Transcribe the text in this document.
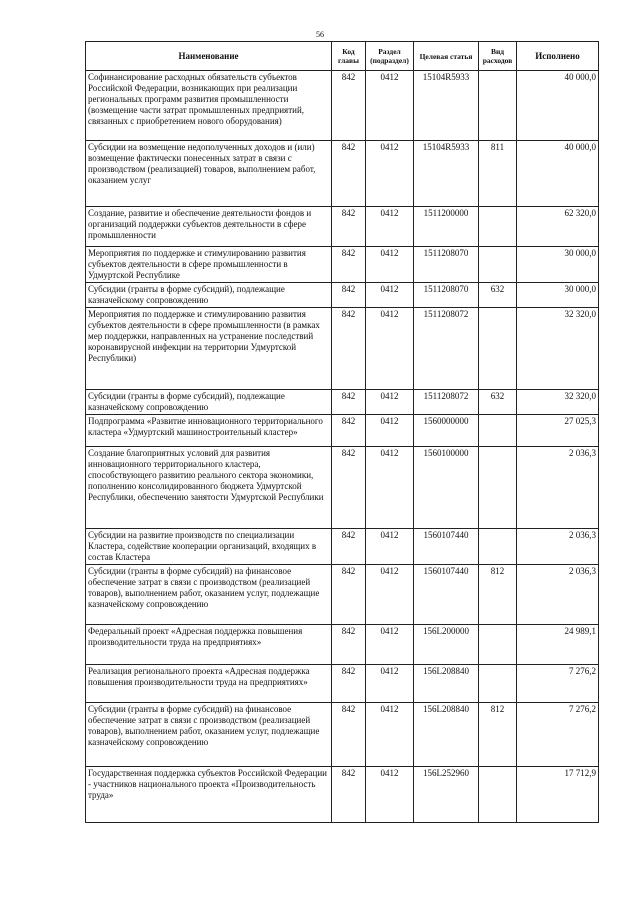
56
Наименование	Код главы	Раздел (подраздел)	Целевая статья	Вид расходов	Исполнено
Софинансирование расходных обязательств субъектов Российской Федерации, возникающих при реализации региональных программ развития промышленности (возмещение части затрат промышленных предприятий, связанных с приобретением нового оборудования)	842	0412	15104R5933		40 000,0
Субсидии на возмещение недополученных доходов и (или) возмещение фактически понесенных затрат в связи с производством (реализацией) товаров, выполнением работ, оказанием услуг	842	0412	15104R5933	811	40 000,0
Создание, развитие и обеспечение деятельности фондов и организаций поддержки субъектов деятельности в сфере промышленности	842	0412	1511200000		62 320,0
Мероприятия по поддержке и стимулированию развития субъектов деятельности в сфере промышленности в Удмуртской Республике	842	0412	1511208070		30 000,0
Субсидии (гранты в форме субсидий), подлежащие казначейскому сопровождению	842	0412	1511208070	632	30 000,0
Мероприятия по поддержке и стимулированию развития субъектов деятельности в сфере промышленности (в рамках мер поддержки, направленных на устранение последствий коронавирусной инфекции на территории Удмуртской Республики)	842	0412	1511208072		32 320,0
Субсидии (гранты в форме субсидий), подлежащие казначейскому сопровождению	842	0412	1511208072	632	32 320,0
Подпрограмма «Развитие инновационного территориального кластера «Удмуртский машиностроительный кластер»	842	0412	1560000000		27 025,3
Создание благоприятных условий для развития инновационного территориального кластера, способствующего развитию реального сектора экономики, пополнению консолидированного бюджета Удмуртской Республики, обеспечению занятости Удмуртской Республики	842	0412	1560100000		2 036,3
Субсидии на развитие производств по специализации Кластера, содействие кооперации организаций, входящих в состав Кластера	842	0412	1560107440		2 036,3
Субсидии (гранты в форме субсидий) на финансовое обеспечение затрат в связи с производством (реализацией товаров), выполнением работ, оказанием услуг, подлежащие казначейскому сопровождению	842	0412	1560107440	812	2 036,3
Федеральный проект «Адресная поддержка повышения производительности труда на предприятиях»	842	0412	156L200000		24 989,1
Реализация регионального проекта «Адресная поддержка повышения производительности труда на предприятиях»	842	0412	156L208840		7 276,2
Субсидии (гранты в форме субсидий) на финансовое обеспечение затрат в связи с производством (реализацией товаров), выполнением работ, оказанием услуг, подлежащие казначейскому сопровождению	842	0412	156L208840	812	7 276,2
Государственная поддержка субъектов Российской Федерации - участников национального проекта «Производительность труда»	842	0412	156L252960		17 712,9
